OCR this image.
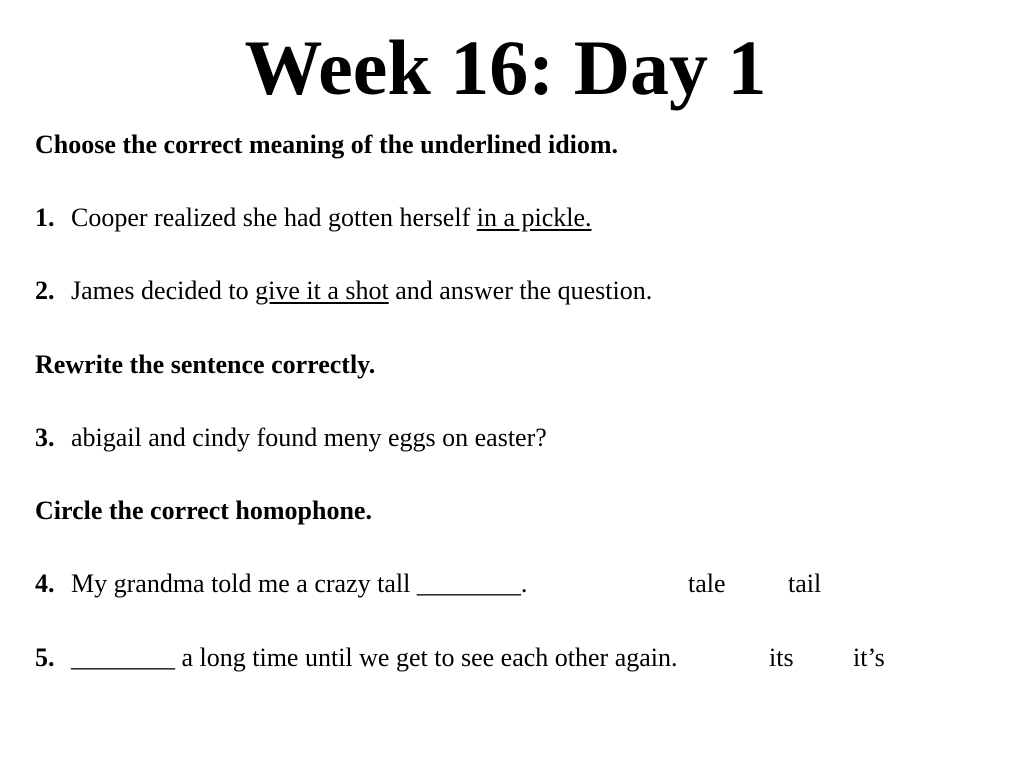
Week 16: Day 1
Choose the correct meaning of the underlined idiom.
1. Cooper realized she had gotten herself in a pickle.
2. James decided to give it a shot and answer the question.
Rewrite the sentence correctly.
3. abigail and cindy found meny eggs on easter?
Circle the correct homophone.
4. My grandma told me a crazy tall ________.	tale tail
5. ________ a long time until we get to see each other again.	its it’s
